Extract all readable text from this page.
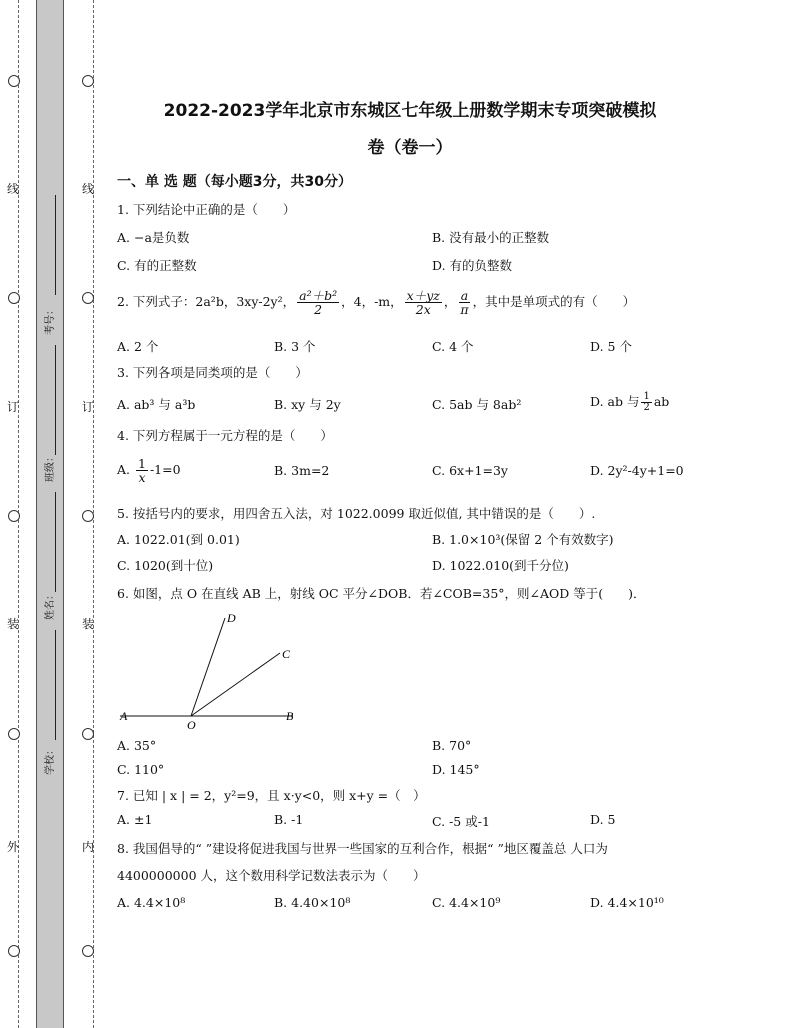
线
订
装
外
线
订
装
内
考号：
班级：
姓名：
学校：
2022-2023学年北京市东城区七年级上册数学期末专项突破模拟
卷（卷一）
一、单 选 题（每小题3分，共30分）
1. 下列结论中正确的是（　　）
A. −a是负数	B. 没有最小的正整数
C. 有的正整数	D. 有的负整数
2. 下列式子：2a²b，3xy-2y²， $\frac{\text{a²＋b²}}{2}$ ，4，-m， $\frac{x+yz}{2x}$ ， $\frac{a}{\pi}$ ，其中是单项式的有（　　）
A. 2 个	B. 3 个	C. 4 个	D. 5 个
3. 下列各项是同类项的是（　　）
A. ab³ 与 a³b	B. xy 与 2y	C. 5ab 与 8ab²	D. ab 与 $\frac{1}{2}$ ab
4. 下列方程属于一元方程的是（　　）
A. $\frac{1}{x} -1=0$	B. 3m=2	C. 6x+1=3y	D. 2y²-4y+1=0
5. 按括号内的要求，用四舍五入法，对 1022.0099 取近似值, 其中错误的是（　　）.
A. 1022.01(到 0.01)	B. 1.0×10³(保留 2 个有效数字)
C. 1020(到十位)	D. 1022.010(到千分位)
6. 如图，点 O 在直线 AB 上，射线 OC 平分∠DOB．若∠COB=35°，则∠AOD 等于(　　)．
D
C
A
O
B
A. 35°	B. 70°
C. 110°	D. 145°
7. 已知 | x | = 2，y²=9，且 x·y<0，则 x+y =（　）
A. ±1	B. -1	C. -5 或-1	D. 5
8. 我国倡导的“ ”建设将促进我国与世界一些国家的互利合作，根据“ ”地区覆盖总 人口为
4400000000 人，这个数用科学记数法表示为（　　）
A. 4.4×10⁸	B. 4.40×10⁸	C. 4.4×10⁹	D. 4.4×10¹⁰
